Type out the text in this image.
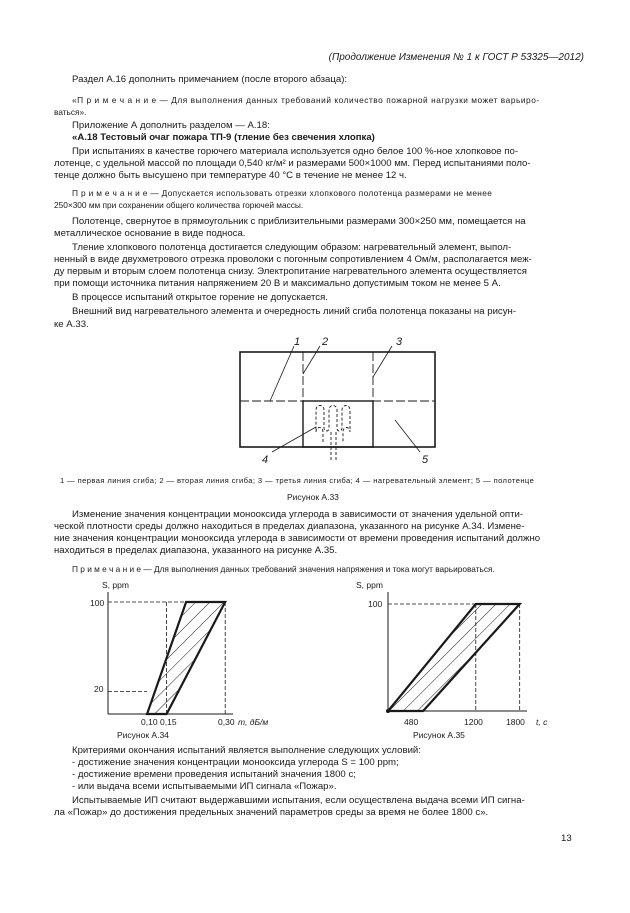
(Продолжение Изменения № 1 к ГОСТ Р 53325—2012)
Раздел А.16 дополнить примечанием (после второго абзаца):
«П р и м е ч а н и е — Для выполнения данных требований количество пожарной нагрузки может варьиро-
ваться».
Приложение А дополнить разделом — А.18:
«А.18 Тестовый очаг пожара ТП-9 (тление без свечения хлопка)
При испытаниях в качестве горючего материала используется одно белое 100 %-ное хлопковое по-
лотенце, с удельной массой по площади 0,540 кг/м² и размерами 500×1000 мм. Перед испытаниями поло-
тенце должно быть высушено при температуре 40 °С в течение не менее 12 ч.
П р и м е ч а н и е — Допускается использовать отрезки хлопкового полотенца размерами не менее
250×300 мм при сохранении общего количества горючей массы.
Полотенце, свернутое в прямоугольник с приблизительными размерами 300×250 мм, помещается на
металлическое основание в виде подноса.
Тление хлопкового полотенца достигается следующим образом: нагревательный элемент, выпол-
ненный в виде двухметрового отрезка проволоки с погонным сопротивлением 4 Ом/м, располагается меж-
ду первым и вторым слоем полотенца снизу. Электропитание нагревательного элемента осуществляется
при помощи источника питания напряжением 20 В и максимально допустимым током не менее 5 А.
В процессе испытаний открытое горение не допускается.
Внешний вид нагревательного элемента и очередность линий сгиба полотенца показаны на рисун-
ке А.33.
1 2	3
4	5
1 — первая линия сгиба; 2 — вторая линия сгиба; 3 — третья линия сгиба; 4 — нагревательный элемент; 5 — полотенце
Рисунок А.33
Изменение значения концентрации монооксида углерода в зависимости от значения удельной опти-
ческой плотности среды должно находиться в пределах диапазона, указанного на рисунке А.34. Измене-
ние значения концентрации монооксида углерода в зависимости от времени проведения испытаний должно
находиться в пределах диапазона, указанного на рисунке А.35.
П р и м е ч а н и е — Для выполнения данных требований значения напряжения и тока могут варьироваться.
S, ppm
m, дБ/м
100
20
0,10 0,15	0,30
Рисунок А.34
S, ppm
t, с
100
480	1200	1800
Рисунок А.35
Критериями окончания испытаний является выполнение следующих условий:
- достижение значения концентрации монооксида углерода S = 100 ppm;
- достижение времени проведения испытаний значения 1800 с;
- или выдача всеми испытываемыми ИП сигнала «Пожар».
Испытываемые ИП считают выдержавшими испытания, если осуществлена выдача всеми ИП сигна-
ла «Пожар» до достижения предельных значений параметров среды за время не более 1800 с».
13
